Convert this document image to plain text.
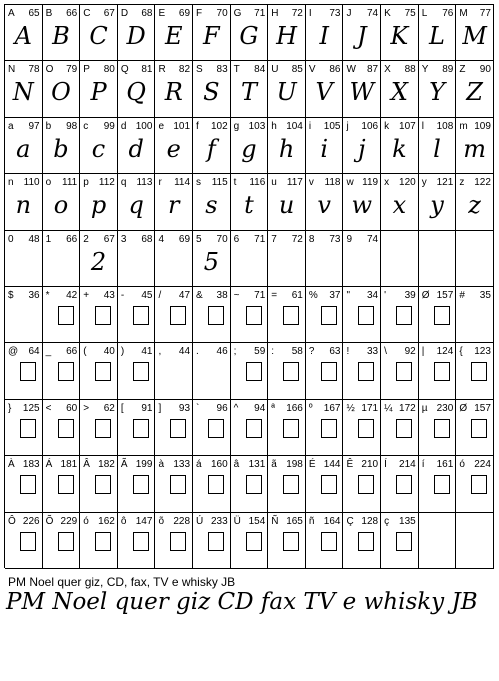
A 65
A
B 66
B
C 67
C
D 68
D
E 69
E
F 70
F
G 71
G
H 72
H
I 73
I
J 74
J
K 75
K
L 76
L
M 77
M
N 78
N
O 79
O
P 80
P
Q 81
Q
R 82
R
S 83
S
T 84
T
U 85
U
V 86
V
W 87
W
X 88
X
Y 89
Y
Z 90
Z
a 97
a
b 98
b
c 99
c
d 100
d
e 101
e
f 102
f
g 103
g
h 104
h
i 105
i
j 106
j
k 107
k
l 108
l
m 109
m
n 110
n
o 111
o
p 112
p
q 113
q
r 114
r
s 115
s
t 116
t
u 117
u
v 118
v
w 119
w
x 120
x
y 121
y
z 122
z
0 48 1 66 2 67
2
3 68 4 69 5 70
5
6 71 7 72 8 73 9 74
$ 36 * 42 + 43 - 45 / 47 & 38 ~ 71 = 61 % 37 " 34 ' 39 Ø 157 # 35
@ 64 _ 66 ( 40 ) 41 , 44 . 46 ; 59 : 58 ? 63 ! 33 \ 92 | 124 { 123
} 125 < 60 > 62 [ 91 ] 93 ` 96 ^ 94 ª 166 º 167 ½ 171 ¼ 172 µ 230 Ø 157
À 183 Á 181 Â 182 Ã 199 à 133 á 160 â 131 ã 198 É 144 Ê 210 Í 214 í 161 ó 224
Ô 226 Õ 229 ó 162 ô 147 õ 228 Ú 233 Ü 154 Ñ 165 ñ 164 Ç 128 ç 135
PM Noel quer giz, CD, fax, TV e whisky JB
PM Noel quer giz CD fax TV e whisky JB
